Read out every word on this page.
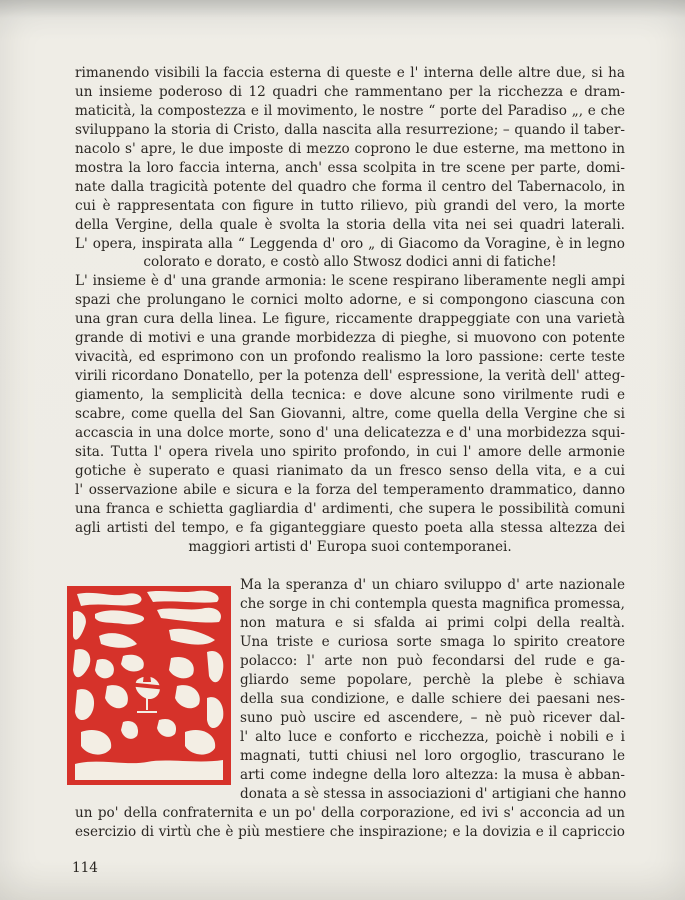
rimanendo visibili la faccia esterna di queste e l' interna delle altre due, si ha
un insieme poderoso di 12 quadri che rammentano per la ricchezza e dram-
maticità, la compostezza e il movimento, le nostre “ porte del Paradiso „, e che
sviluppano la storia di Cristo, dalla nascita alla resurrezione; – quando il taber-
nacolo s' apre, le due imposte di mezzo coprono le due esterne, ma mettono in
mostra la loro faccia interna, anch' essa scolpita in tre scene per parte, domi-
nate dalla tragicità potente del quadro che forma il centro del Tabernacolo, in
cui è rappresentata con figure in tutto rilievo, più grandi del vero, la morte
della Vergine, della quale è svolta la storia della vita nei sei quadri laterali.
L' opera, inspirata alla “ Leggenda d' oro „ di Giacomo da Voragine, è in legno
colorato e dorato, e costò allo Stwosz dodici anni di fatiche!
L' insieme è d' una grande armonia: le scene respirano liberamente negli ampi
spazi che prolungano le cornici molto adorne, e si compongono ciascuna con
una gran cura della linea. Le figure, riccamente drappeggiate con una varietà
grande di motivi e una grande morbidezza di pieghe, si muovono con potente
vivacità, ed esprimono con un profondo realismo la loro passione: certe teste
virili ricordano Donatello, per la potenza dell' espressione, la verità dell' atteg-
giamento, la semplicità della tecnica: e dove alcune sono virilmente rudi e
scabre, come quella del San Giovanni, altre, come quella della Vergine che si
accascia in una dolce morte, sono d' una delicatezza e d' una morbidezza squi-
sita. Tutta l' opera rivela uno spirito profondo, in cui l' amore delle armonie
gotiche è superato e quasi rianimato da un fresco senso della vita, e a cui
l' osservazione abile e sicura e la forza del temperamento drammatico, danno
una franca e schietta gagliardia d' ardimenti, che supera le possibilità comuni
agli artisti del tempo, e fa giganteggiare questo poeta alla stessa altezza dei
maggiori artisti d' Europa suoi contemporanei.
Ma la speranza d' un chiaro sviluppo d' arte nazionale
che sorge in chi contempla questa magnifica promessa,
non matura e si sfalda ai primi colpi della realtà.
Una triste e curiosa sorte smaga lo spirito creatore
polacco: l' arte non può fecondarsi del rude e ga-
gliardo seme popolare, perchè la plebe è schiava
della sua condizione, e dalle schiere dei paesani nes-
suno può uscire ed ascendere, – nè può ricever dal-
l' alto luce e conforto e ricchezza, poichè i nobili e i
magnati, tutti chiusi nel loro orgoglio, trascurano le
arti come indegne della loro altezza: la musa è abban-
donata a sè stessa in associazioni d' artigiani che hanno
un po' della confraternita e un po' della corporazione, ed ivi s' acconcia ad un
esercizio di virtù che è più mestiere che inspirazione; e la dovizia e il capriccio
114
